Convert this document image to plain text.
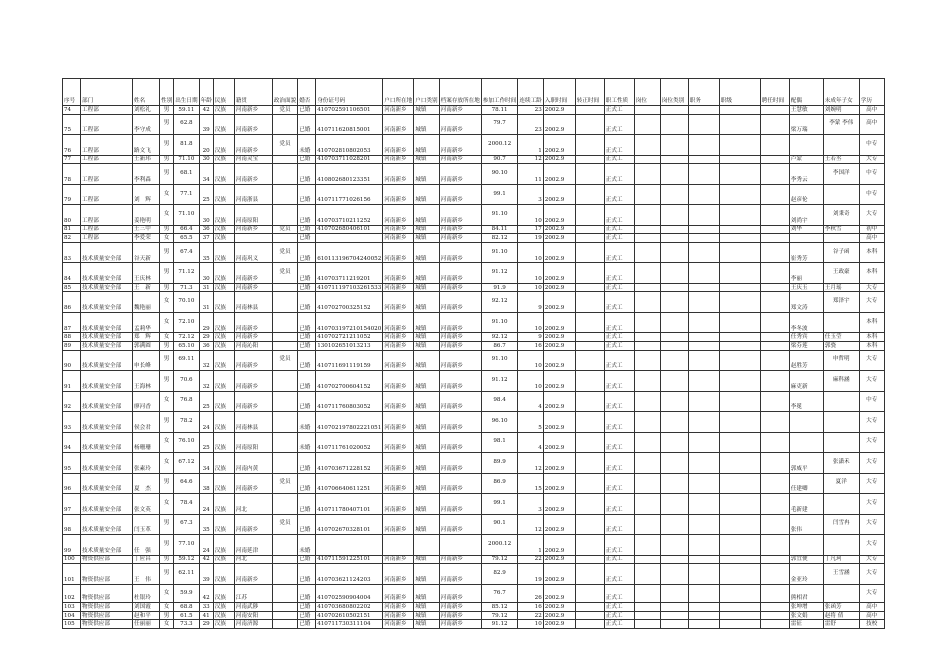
序号	部门	姓名	性别	出生日期	年龄	民族	籍贯	政治面貌	婚否	身份证号码	户口所在地	户口类别	档案存放所在地	参加工作时间	连续工龄	入职时间	转正时间	职工性质	岗位	岗位类别	职务	职级	聘任时间	配偶	未成年子女	学历
74	工程部	刘松礼	男	59.11	42	汉族	河南新乡	党员	已婚	410702591106501	河南新乡	城镇	河南新乡	78.11	23	2002.9		正式工						王慧敏	刘婉明	高中
75	工程部	李守成	男	62.8	39	汉族	河南新乡		已婚	410711620815001	河南新乡	城镇	河南新乡	79.7	23	2002.9		正式工						梁万瑞	李蒙 李伟	高中
76	工程部	路文飞	男	81.8	20	汉族	河南新乡	党员	未婚	410702810802053	河南新乡	城镇	河南新乡	2000.12	1	2002.9		正式工								中专
77	工程部	王新玮	男	71.10	30	汉族	河南灵宝		已婚	410703711028201	河南新乡	城镇	河南新乡	90.7	12	2002.9		正式工						卢蒙	王若丞	大专
78	工程部	李利森	男	68.1	34	汉族	河南新乡		已婚	410802680123351	河南新乡	城镇	河南新乡	90.10	11	2002.9		正式工						李秀云	李国洋	中专
79	工程部	刘　辉	女	77.1	25	汉族	河南浙县		已婚	410711771026156	河南新乡	城镇	河南新乡	99.1	3	2002.9		正式工						赵彦伦		中专
80	工程部	姜艳明	女	71.10	30	汉族	河南原阳		已婚	410703710211252	河南新乡	城镇	河南新乡	91.10	10	2002.9		正式工						刘尚宇	刘秉奇	大专
81	工程部	王三中	男	66.4	36	汉族	河南新乡	党员	已婚	410702680406101	河南新乡	城镇	河南新乡	84.11	17	2002.9		正式工						刘华	李秋雪	初中
82	工程部	李爱荣	女	65.5	37	汉族			已婚		河南新乡	城镇	河南新乡	82.12	19	2002.9		正式工								高中
83	技术质量安全部	谷天新	男	67.4	35	汉族	河南巩义	党员	已婚	610113196704240052	河南新乡	城镇	河南新乡	91.10	10	2002.9		正式工						崔秀芳	谷子函	本科
84	技术质量安全部	王庆林	男	71.12	30	汉族	河南新乡	党员	已婚	410703711219201	河南新乡	城镇	河南新乡	91.12	10	2002.9		正式工						李丽	王政豪	本科
85	技术质量安全部	王　新	男	71.3	31	汉族	河南新乡		已婚	410711197103261533	河南新乡	城镇	河南新乡	91.9	10	2002.9		正式工						王庆玉	王月瑶	大专
86	技术质量安全部	魏艳丽	女	70.10	31	汉族	河南林县		已婚	410702700325152	河南新乡	城镇	河南新乡	92.12	9	2002.9		正式工						郑文涛	郑泽宇	大专
87	技术质量安全部	孟莉华	女	72.10	29	汉族	河南新乡		已婚	410703197210154020	河南新乡	城镇	河南新乡	91.10	10	2002.9		正式工						李冬波		本科
88	技术质量安全部	郑　辉	女	72.12	29	汉族	河南新乡		已婚	410702721211052	河南新乡	城镇	河南新乡	92.12	9	2002.9		正式工						任秀宾	任玉莹	本科
89	技术质量安全部	郭满圆	男	65.10	36	汉族	河南沁阳		已婚	130102651013213	河南新乡	城镇	河南新乡	86.7	16	2002.9		正式工						梁芬莲	郭骁	本科
90	技术质量安全部	申长峰	男	69.11	32	汉族	河南新乡	党员	已婚	410711691119159	河南新乡	城镇	河南新乡	91.10	10	2002.9		正式工						赵胜芳	申哲明	大专
91	技术质量安全部	王海林	男	70.6	32	汉族	河南新乡		已婚	410702700604152	河南新乡	城镇	河南新乡	91.12	10	2002.9		正式工						麻吏新	麻科涵	大专
92	技术质量安全部	廖河香	女	76.8	25	汉族	河南新乡		已婚	410711760803052	河南新乡	城镇	河南新乡	98.4	4	2002.9		正式工						李冕		中专
93	技术质量安全部	侯会君	男	78.2	24	汉族	河南林县		未婚	410702197802221051	河南新乡	城镇	河南新乡	96.10	5	2002.9		正式工								大专
94	技术质量安全部	杨珊珊	女	76.10	25	汉族	河南原阳		未婚	410711761020052	河南新乡	城镇	河南新乡	98.1	4	2002.9		正式工								大专
95	技术质量安全部	张素玲	女	67.12	34	汉族	河南内黄		已婚	410703671228152	河南新乡	城镇	河南新乡	89.9	12	2002.9		正式工						郭威平	张潇禾	大专
96	技术质量安全部	夏　杰	男	64.6	38	汉族	河南新乡	党员	已婚	410706640611251	河南新乡	城镇	河南新乡	86.9	15	2002.9		正式工						任建卿	夏洋	大专
97	技术质量安全部	张文英	女	78.4	24	汉族	河北		已婚	410711780407101	河南新乡	城镇	河南新乡	99.1	3	2002.9		正式工						毛新建		大专
98	技术质量安全部	闫玉革	男	67.3	35	汉族	河南新乡	党员	已婚	410702670328101	河南新乡	城镇	河南新乡	90.1	12	2002.9		正式工						张伟	闫雪冉	大专
99	技术质量安全部	任　强	男	77.10	24	汉族	河南延津		未婚					2000.12	1	2002.9		正式工								大专
100	物资供应部	丁应昌	男	59.12	42	汉族	河北		已婚	410711591225101	河南新乡	城镇	河南新乡	79.12	22	2002.9		正式工						郭宜便	丁凡珂	大专
101	物资供应部	王　伟	男	62.11	39	汉族	河南新乡		已婚	410703621124203	河南新乡	城镇	河南新乡	82.9	19	2002.9		正式工						金亚玲	王雪涵	大专
102	物资供应部	杜银玲	女	59.9	42	汉族	江苏		已婚	410702590904004	河南新乡	城镇	河南新乡	76.7	26	2002.9		正式工						熊相君		大专
103	物资供应部	刘国霞	女	68.8	33	汉族	河南武陟		已婚	410703680802202	河南新乡	城镇	河南新乡	85.12	16	2002.9		正式工						张坤增	张函芳	高中
104	物资供应部	赵和平	男	61.5	41	汉族	河南安阳		已婚	410702610502151	河南新乡	城镇	河南新乡	79.12	22	2002.9		正式工						张文娟	赵将 倩	高中
105	物资供应部	任丽丽	女	73.3	29	汉族	河南济源		已婚	410711730311104	河南新乡	城镇	河南新乡	91.12	10	2002.9		正式工						雷征	雷舒	技校
